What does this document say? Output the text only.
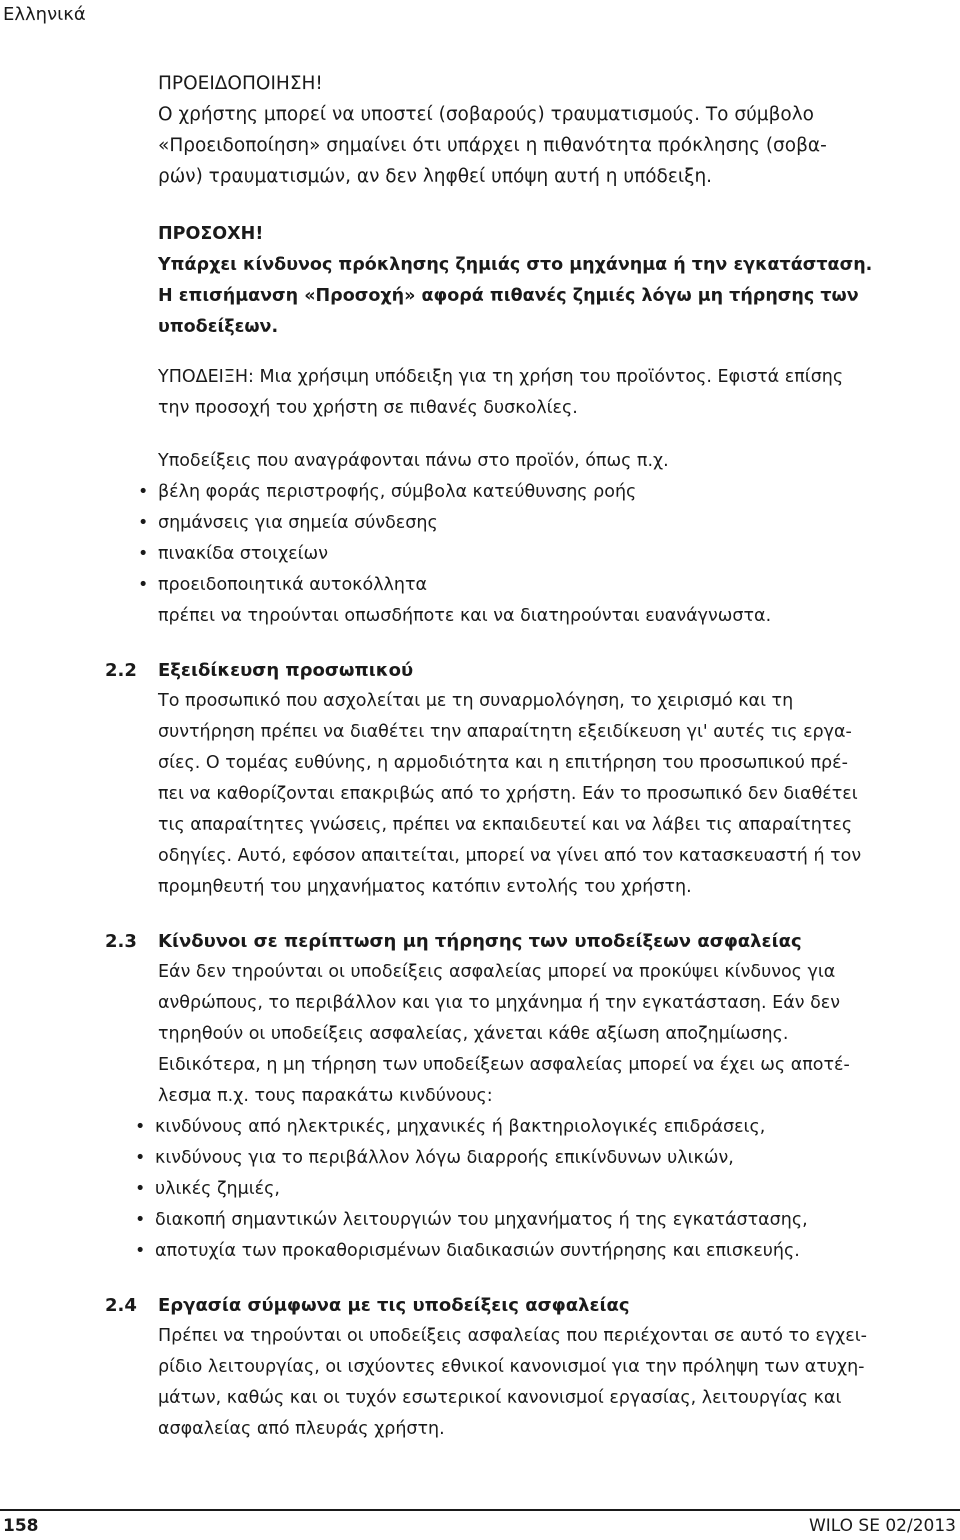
Ελληνικά
ΠΡΟΕΙΔΟΠΟΙΗΣΗ!
Ο χρήστης μπορεί να υποστεί (σοβαρούς) τραυματισμούς. Το σύμβολο
«Προειδοποίηση» σημαίνει ότι υπάρχει η πιθανότητα πρόκλησης (σοβα-
ρών) τραυματισμών, αν δεν ληφθεί υπόψη αυτή η υπόδειξη.
ΠΡΟΣΟΧΗ!
Υπάρχει κίνδυνος πρόκλησης ζημιάς στο μηχάνημα ή την εγκατάσταση.
Η επισήμανση «Προσοχή» αφορά πιθανές ζημιές λόγω μη τήρησης των
υποδείξεων.
ΥΠΟΔΕΙΞΗ: Μια χρήσιμη υπόδειξη για τη χρήση του προϊόντος. Εφιστά επίσης
την προσοχή του χρήστη σε πιθανές δυσκολίες.
Υποδείξεις που αναγράφονται πάνω στο προϊόν, όπως π.χ.
• βέλη φοράς περιστροφής, σύμβολα κατεύθυνσης ροής
• σημάνσεις για σημεία σύνδεσης
• πινακίδα στοιχείων
• προειδοποιητικά αυτοκόλλητα
πρέπει να τηρούνται οπωσδήποτε και να διατηρούνται ευανάγνωστα.
2.2 Εξειδίκευση προσωπικού
Το προσωπικό που ασχολείται με τη συναρμολόγηση, το χειρισμό και τη
συντήρηση πρέπει να διαθέτει την απαραίτητη εξειδίκευση γι' αυτές τις εργα-
σίες. Ο τομέας ευθύνης, η αρμοδιότητα και η επιτήρηση του προσωπικού πρέ-
πει να καθορίζονται επακριβώς από το χρήστη. Εάν το προσωπικό δεν διαθέτει
τις απαραίτητες γνώσεις, πρέπει να εκπαιδευτεί και να λάβει τις απαραίτητες
οδηγίες. Αυτό, εφόσον απαιτείται, μπορεί να γίνει από τον κατασκευαστή ή τον
προμηθευτή του μηχανήματος κατόπιν εντολής του χρήστη.
2.3 Κίνδυνοι σε περίπτωση μη τήρησης των υποδείξεων ασφαλείας
Εάν δεν τηρούνται οι υποδείξεις ασφαλείας μπορεί να προκύψει κίνδυνος για
ανθρώπους, το περιβάλλον και για το μηχάνημα ή την εγκατάσταση. Εάν δεν
τηρηθούν οι υποδείξεις ασφαλείας, χάνεται κάθε αξίωση αποζημίωσης.
Ειδικότερα, η μη τήρηση των υποδείξεων ασφαλείας μπορεί να έχει ως αποτέ-
λεσμα π.χ. τους παρακάτω κινδύνους:
• κινδύνους από ηλεκτρικές, μηχανικές ή βακτηριολογικές επιδράσεις,
• κινδύνους για το περιβάλλον λόγω διαρροής επικίνδυνων υλικών,
• υλικές ζημιές,
• διακοπή σημαντικών λειτουργιών του μηχανήματος ή της εγκατάστασης,
• αποτυχία των προκαθορισμένων διαδικασιών συντήρησης και επισκευής.
2.4 Εργασία σύμφωνα με τις υποδείξεις ασφαλείας
Πρέπει να τηρούνται οι υποδείξεις ασφαλείας που περιέχονται σε αυτό το εγχει-
ρίδιο λειτουργίας, οι ισχύοντες εθνικοί κανονισμοί για την πρόληψη των ατυχη-
μάτων, καθώς και οι τυχόν εσωτερικοί κανονισμοί εργασίας, λειτουργίας και
ασφαλείας από πλευράς χρήστη.
158	WILO SE 02/2013
